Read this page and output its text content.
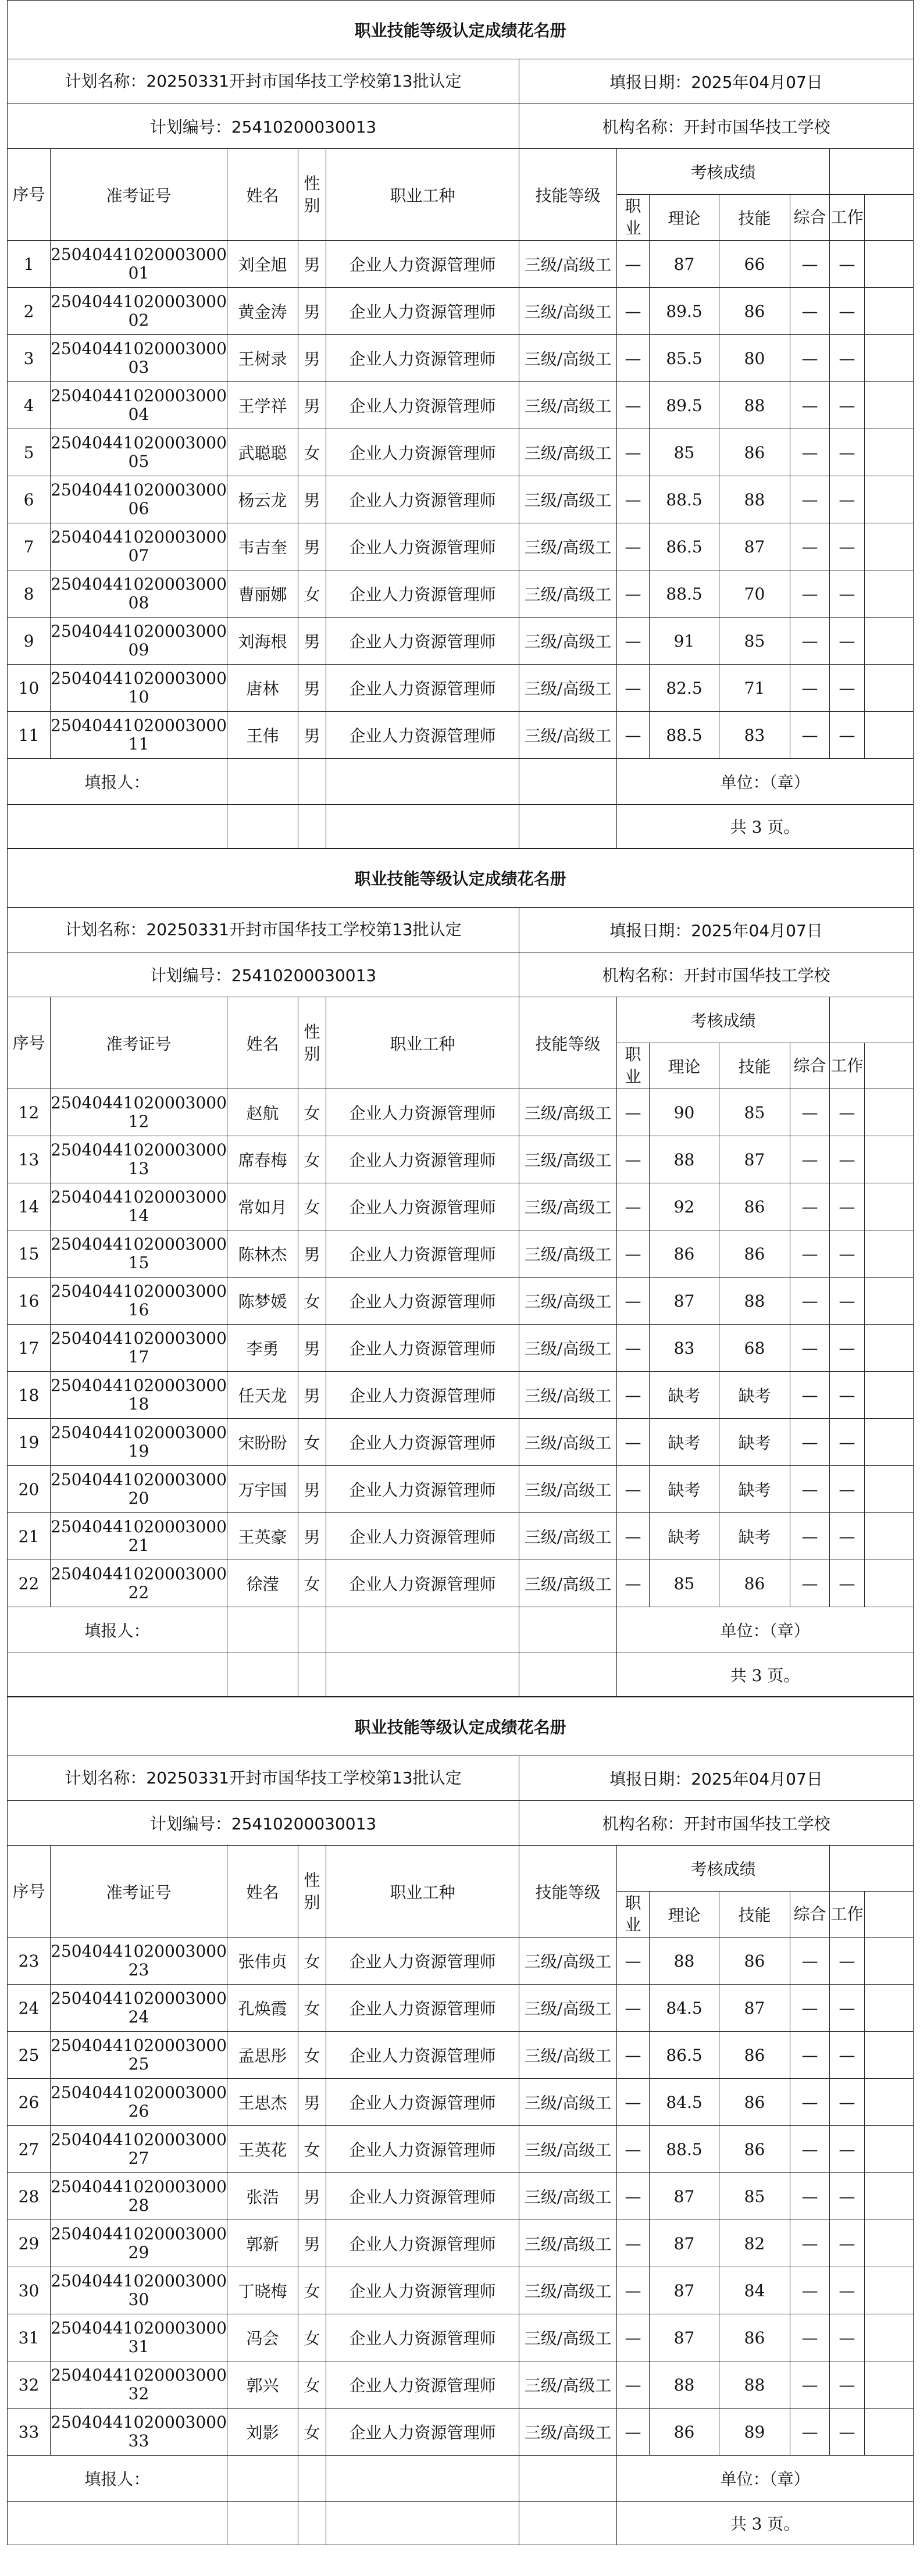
职业技能等级认定成绩花名册											
计划名称：20250331开封市国华技工学校第13批认定					填报日期：2025年04月07日						
计划编号：25410200030013					机构名称：开封市国华技工学校						
序号	准考证号	姓名	性别	职业工种	技能等级	考核成绩					
						职业	理论	技能	综合	工作	
1	2504044102000300001	刘全旭	男	企业人力资源管理师	三级/高级工	—	87	66	—	—	
2	2504044102000300002	黄金涛	男	企业人力资源管理师	三级/高级工	—	89.5	86	—	—	
3	2504044102000300003	王树录	男	企业人力资源管理师	三级/高级工	—	85.5	80	—	—	
4	2504044102000300004	王学祥	男	企业人力资源管理师	三级/高级工	—	89.5	88	—	—	
5	2504044102000300005	武聪聪	女	企业人力资源管理师	三级/高级工	—	85	86	—	—	
6	2504044102000300006	杨云龙	男	企业人力资源管理师	三级/高级工	—	88.5	88	—	—	
7	2504044102000300007	韦吉奎	男	企业人力资源管理师	三级/高级工	—	86.5	87	—	—	
8	2504044102000300008	曹丽娜	女	企业人力资源管理师	三级/高级工	—	88.5	70	—	—	
9	2504044102000300009	刘海根	男	企业人力资源管理师	三级/高级工	—	91	85	—	—	
10	2504044102000300010	唐林	男	企业人力资源管理师	三级/高级工	—	82.5	71	—	—	
11	2504044102000300011	王伟	男	企业人力资源管理师	三级/高级工	—	88.5	83	—	—	
填报人：						单位：（章）					
						共 3 页。					
职业技能等级认定成绩花名册											
计划名称：20250331开封市国华技工学校第13批认定					填报日期：2025年04月07日						
计划编号：25410200030013					机构名称：开封市国华技工学校						
序号	准考证号	姓名	性别	职业工种	技能等级	考核成绩					
						职业	理论	技能	综合	工作	
12	2504044102000300012	赵航	女	企业人力资源管理师	三级/高级工	—	90	85	—	—	
13	2504044102000300013	席春梅	女	企业人力资源管理师	三级/高级工	—	88	87	—	—	
14	2504044102000300014	常如月	女	企业人力资源管理师	三级/高级工	—	92	86	—	—	
15	2504044102000300015	陈林杰	男	企业人力资源管理师	三级/高级工	—	86	86	—	—	
16	2504044102000300016	陈梦媛	女	企业人力资源管理师	三级/高级工	—	87	88	—	—	
17	2504044102000300017	李勇	男	企业人力资源管理师	三级/高级工	—	83	68	—	—	
18	2504044102000300018	任天龙	男	企业人力资源管理师	三级/高级工	—	缺考	缺考	—	—	
19	2504044102000300019	宋盼盼	女	企业人力资源管理师	三级/高级工	—	缺考	缺考	—	—	
20	2504044102000300020	万宇国	男	企业人力资源管理师	三级/高级工	—	缺考	缺考	—	—	
21	2504044102000300021	王英豪	男	企业人力资源管理师	三级/高级工	—	缺考	缺考	—	—	
22	2504044102000300022	徐滢	女	企业人力资源管理师	三级/高级工	—	85	86	—	—	
填报人：						单位：（章）					
						共 3 页。					
职业技能等级认定成绩花名册											
计划名称：20250331开封市国华技工学校第13批认定					填报日期：2025年04月07日						
计划编号：25410200030013					机构名称：开封市国华技工学校						
序号	准考证号	姓名	性别	职业工种	技能等级	考核成绩					
						职业	理论	技能	综合	工作	
23	2504044102000300023	张伟贞	女	企业人力资源管理师	三级/高级工	—	88	86	—	—	
24	2504044102000300024	孔焕霞	女	企业人力资源管理师	三级/高级工	—	84.5	87	—	—	
25	2504044102000300025	孟思彤	女	企业人力资源管理师	三级/高级工	—	86.5	86	—	—	
26	2504044102000300026	王思杰	男	企业人力资源管理师	三级/高级工	—	84.5	86	—	—	
27	2504044102000300027	王英花	女	企业人力资源管理师	三级/高级工	—	88.5	86	—	—	
28	2504044102000300028	张浩	男	企业人力资源管理师	三级/高级工	—	87	85	—	—	
29	2504044102000300029	郭新	男	企业人力资源管理师	三级/高级工	—	87	82	—	—	
30	2504044102000300030	丁晓梅	女	企业人力资源管理师	三级/高级工	—	87	84	—	—	
31	2504044102000300031	冯会	女	企业人力资源管理师	三级/高级工	—	87	86	—	—	
32	2504044102000300032	郭兴	女	企业人力资源管理师	三级/高级工	—	88	88	—	—	
33	2504044102000300033	刘影	女	企业人力资源管理师	三级/高级工	—	86	89	—	—	
填报人：						单位：（章）					
						共 3 页。					
